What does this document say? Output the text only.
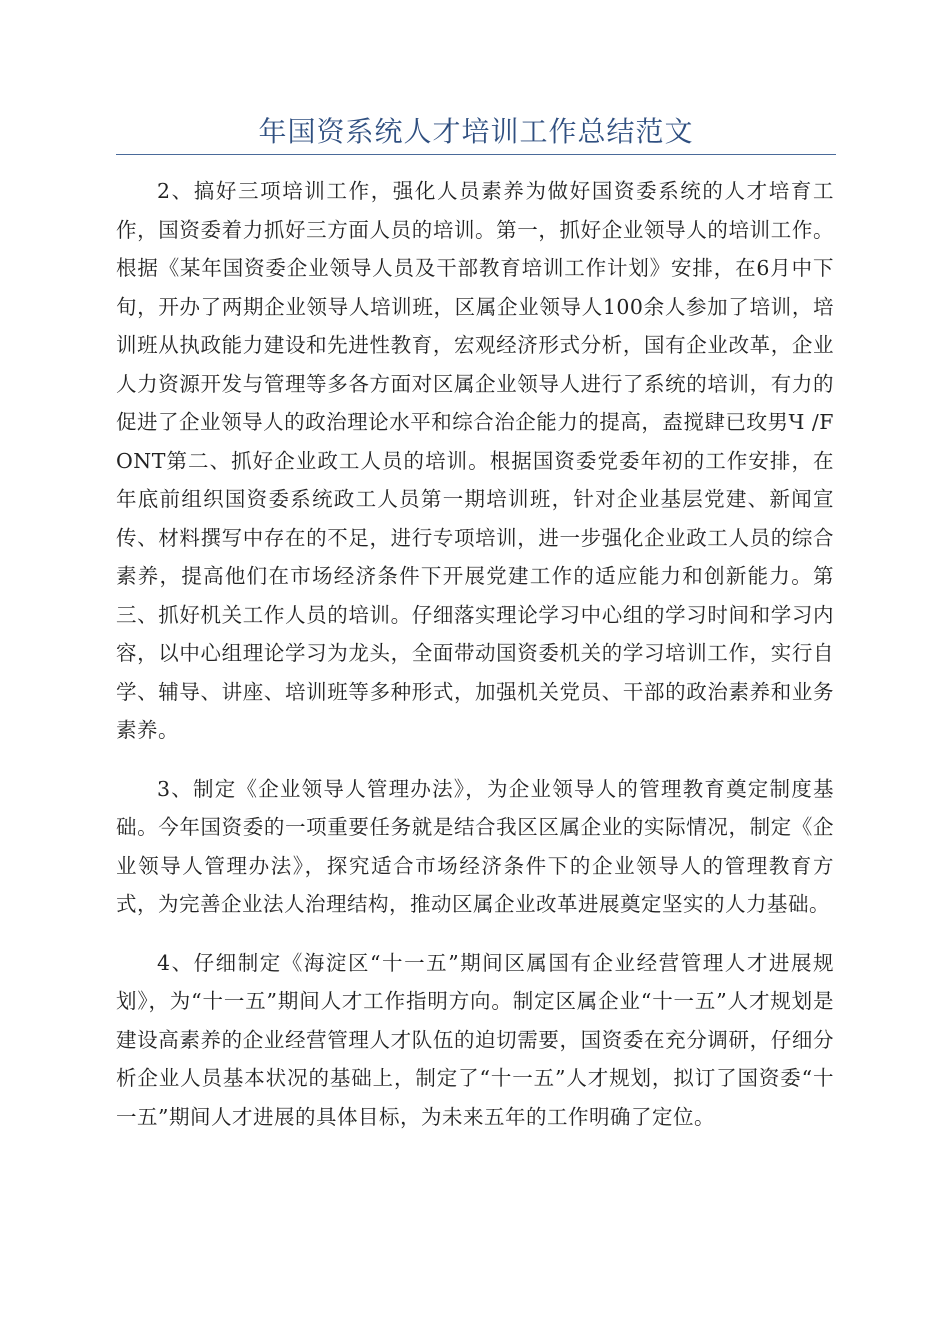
年国资系统人才培训工作总结范文

2、搞好三项培训工作，强化人员素养为做好国资委系统的人才培育工作，国资委着力抓好三方面人员的培训。第一，抓好企业领导人的培训工作。根据《某年国资委企业领导人员及干部教育培训工作计划》安排，在6月中下旬，开办了两期企业领导人培训班，区属企业领导人100余人参加了培训，培训班从执政能力建设和先进性教育，宏观经济形式分析，国有企业改革，企业人力资源开发与管理等多各方面对区属企业领导人进行了系统的培训，有力的促进了企业领导人的政治理论水平和综合治企能力的提高，盍搅肆已玫男Ч /FONT第二、抓好企业政工人员的培训。根据国资委党委年初的工作安排，在年底前组织国资委系统政工人员第一期培训班，针对企业基层党建、新闻宣传、材料撰写中存在的不足，进行专项培训，进一步强化企业政工人员的综合素养，提高他们在市场经济条件下开展党建工作的适应能力和创新能力。第三、抓好机关工作人员的培训。仔细落实理论学习中心组的学习时间和学习内容，以中心组理论学习为龙头，全面带动国资委机关的学习培训工作，实行自学、辅导、讲座、培训班等多种形式，加强机关党员、干部的政治素养和业务素养。

3、制定《企业领导人管理办法》，为企业领导人的管理教育奠定制度基础。今年国资委的一项重要任务就是结合我区区属企业的实际情况，制定《企业领导人管理办法》，探究适合市场经济条件下的企业领导人的管理教育方式，为完善企业法人治理结构，推动区属企业改革进展奠定坚实的人力基础。

4、仔细制定《海淀区“十一五”期间区属国有企业经营管理人才进展规划》，为“十一五”期间人才工作指明方向。制定区属企业“十一五”人才规划是建设高素养的企业经营管理人才队伍的迫切需要，国资委在充分调研，仔细分析企业人员基本状况的基础上，制定了“十一五”人才规划，拟订了国资委“十一五”期间人才进展的具体目标，为未来五年的工作明确了定位。
